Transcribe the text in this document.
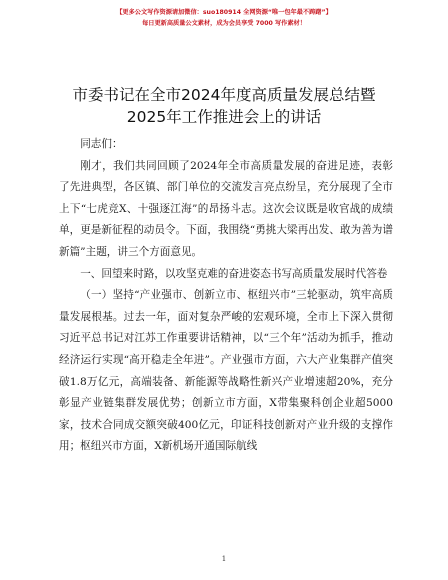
【更多公文写作资源请加微信：suo180914 全网资源“唯一包年最不踌躇”】
每日更新高质量公文素材，成为会员享受 7000 写作素材！
市委书记在全市2024年度高质量发展总结暨
2025年工作推进会上的讲话

同志们：

刚才，我们共同回顾了2024年全市高质量发展的奋进足迹，表彰了先进典型，各区镇、部门单位的交流发言亮点纷呈，充分展现了全市上下“七虎竞X、十强逐江海”的昂扬斗志。这次会议既是收官战的成绩单，更是新征程的动员令。下面，我围绕“勇挑大梁再出发、敢为善为谱新篇”主题，讲三个方面意见。

一、回望来时路，以攻坚克难的奋进姿态书写高质量发展时代答卷

（一）坚持“产业强市、创新立市、枢纽兴市”三轮驱动，筑牢高质量发展根基。过去一年，面对复杂严峻的宏观环境，全市上下深入贯彻习近平总书记对江苏工作重要讲话精神，以“三个年”活动为抓手，推动经济运行实现“高开稳走全年进”。产业强市方面，六大产业集群产值突破1.8万亿元，高端装备、新能源等战略性新兴产业增速超20%，充分彰显产业链集群发展优势；创新立市方面，X带集聚科创企业超5000家，技术合同成交额突破400亿元，印证科技创新对产业升级的支撑作用；枢纽兴市方面，X新机场开通国际航线

1
